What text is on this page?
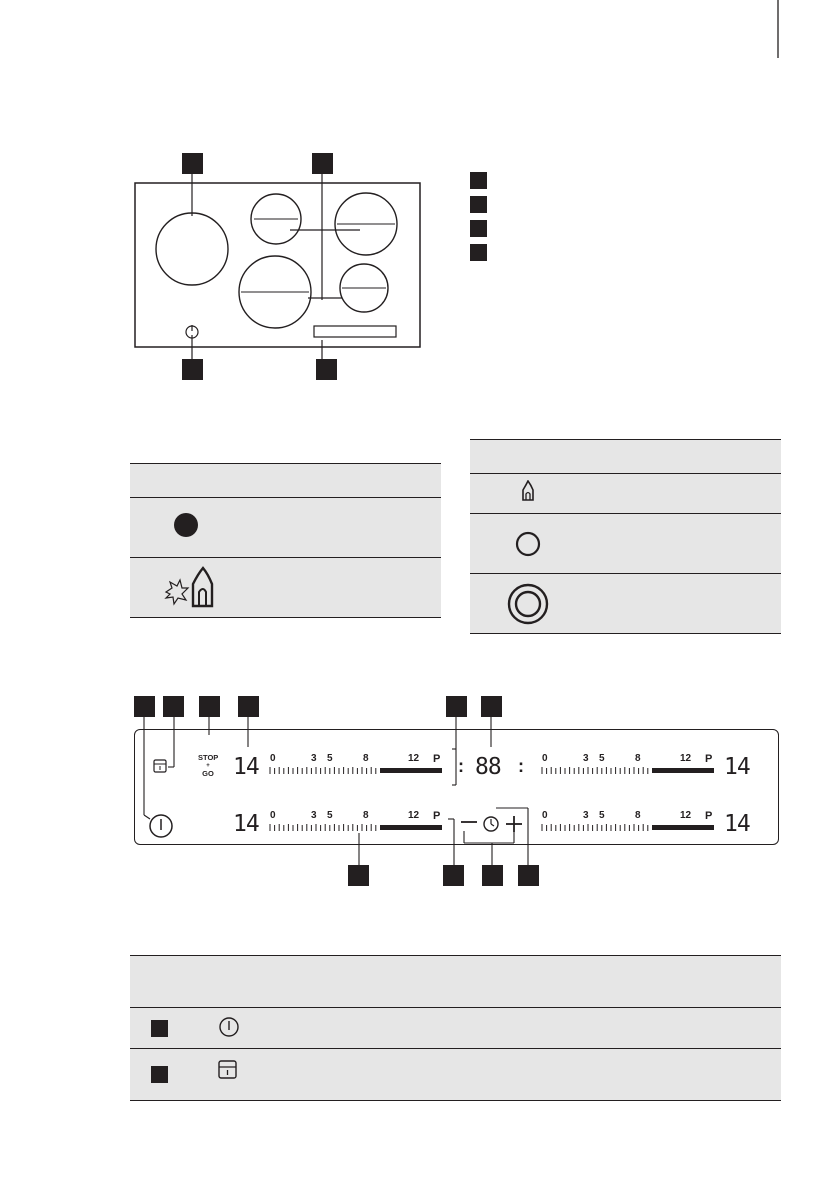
STOP
+
GO 14
14
14
14
: 88 :
0	3 5	8	12 P
0	3 5	8	12 P
0	3 5	8	12 P
0	3 5	8	12 P
